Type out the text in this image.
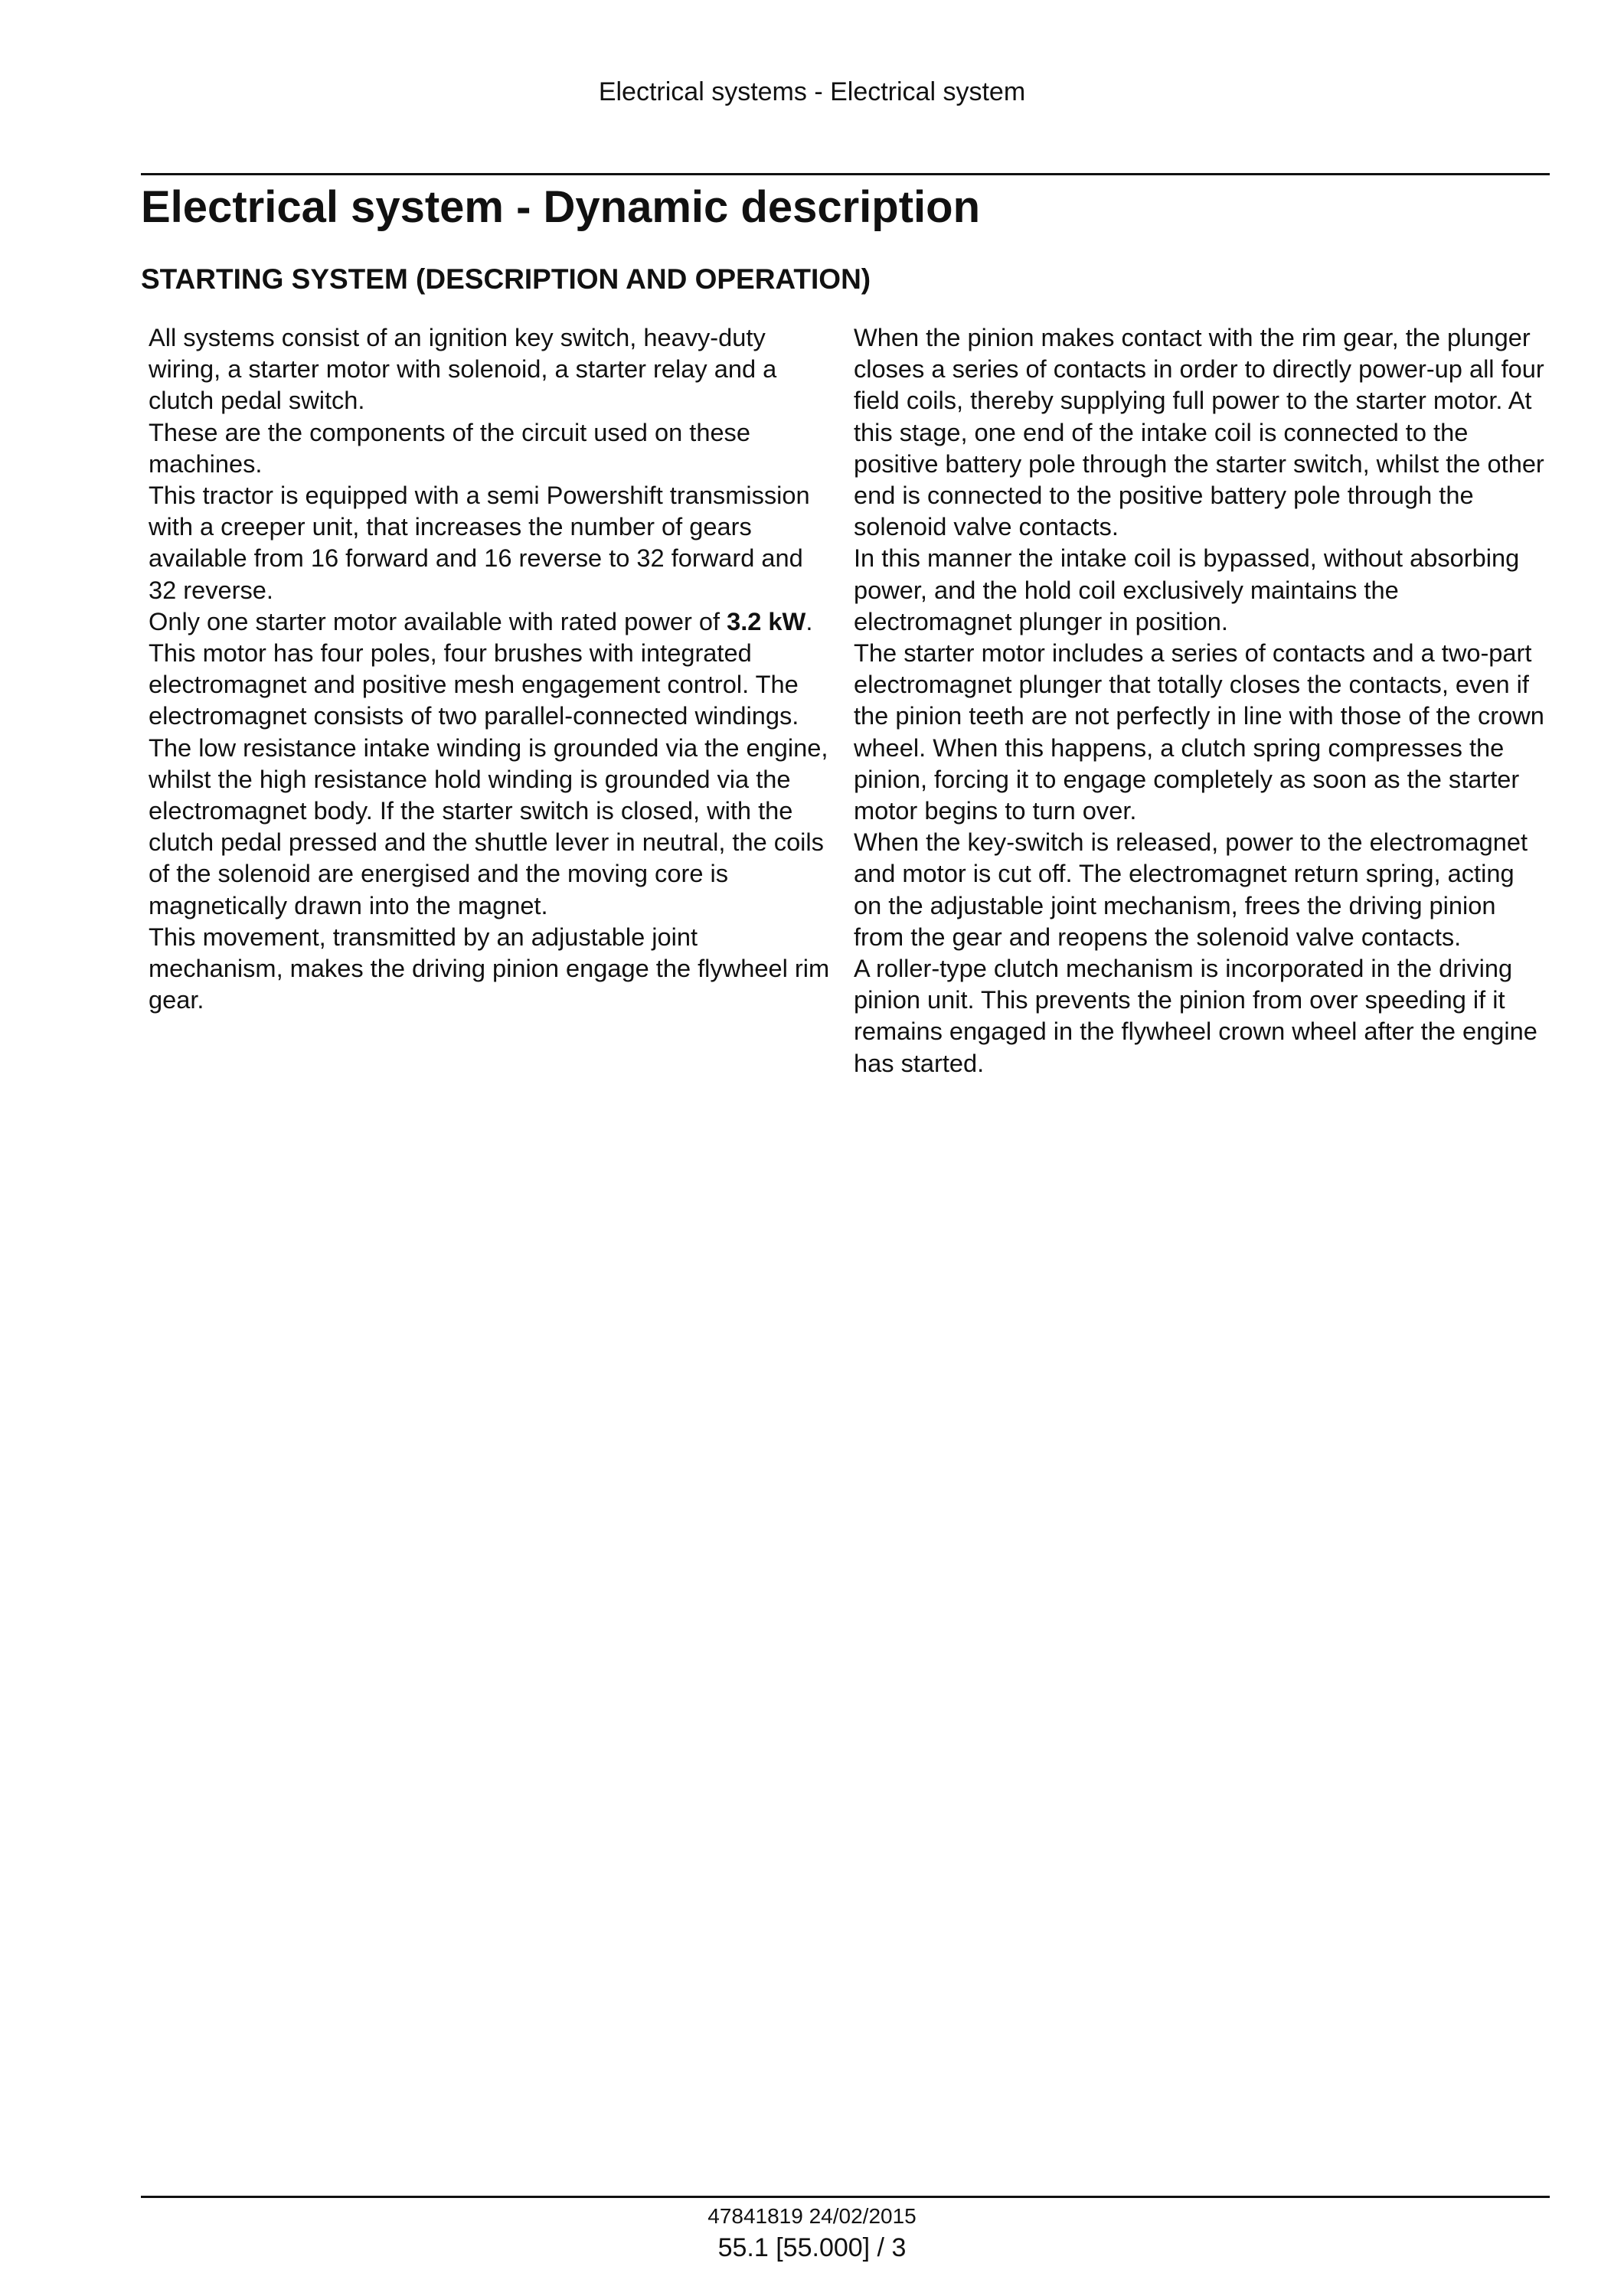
Electrical systems - Electrical system
Electrical system - Dynamic description
STARTING SYSTEM (DESCRIPTION AND OPERATION)

All systems consist of an ignition key switch, heavy-duty wiring, a starter motor with solenoid, a starter relay and a clutch pedal switch.

These are the components of the circuit used on these machines.

This tractor is equipped with a semi Powershift transmission with a creeper unit, that increases the number of gears available from 16 forward and 16 reverse to 32 forward and 32 reverse.

Only one starter motor available with rated power of 3.2 kW. This motor has four poles, four brushes with integrated electromagnet and positive mesh engagement control. The electromagnet consists of two parallel-connected windings. The low resistance intake winding is grounded via the engine, whilst the high resistance hold winding is grounded via the electromagnet body. If the starter switch is closed, with the clutch pedal pressed and the shuttle lever in neutral, the coils of the solenoid are energised and the moving core is magnetically drawn into the magnet.

This movement, transmitted by an adjustable joint mechanism, makes the driving pinion engage the flywheel rim gear.

When the pinion makes contact with the rim gear, the plunger closes a series of contacts in order to directly power-up all four field coils, thereby supplying full power to the starter motor. At this stage, one end of the intake coil is connected to the positive battery pole through the starter switch, whilst the other end is connected to the positive battery pole through the solenoid valve contacts.

In this manner the intake coil is bypassed, without absorbing power, and the hold coil exclusively maintains the electromagnet plunger in position.

The starter motor includes a series of contacts and a two-part electromagnet plunger that totally closes the contacts, even if the pinion teeth are not perfectly in line with those of the crown wheel. When this happens, a clutch spring compresses the pinion, forcing it to engage completely as soon as the starter motor begins to turn over.

When the key-switch is released, power to the electromagnet and motor is cut off. The electromagnet return spring, acting on the adjustable joint mechanism, frees the driving pinion from the gear and reopens the solenoid valve contacts.

A roller-type clutch mechanism is incorporated in the driving pinion unit. This prevents the pinion from over speeding if it remains engaged in the flywheel crown wheel after the engine has started.

47841819 24/02/2015
55.1 [55.000] / 3
